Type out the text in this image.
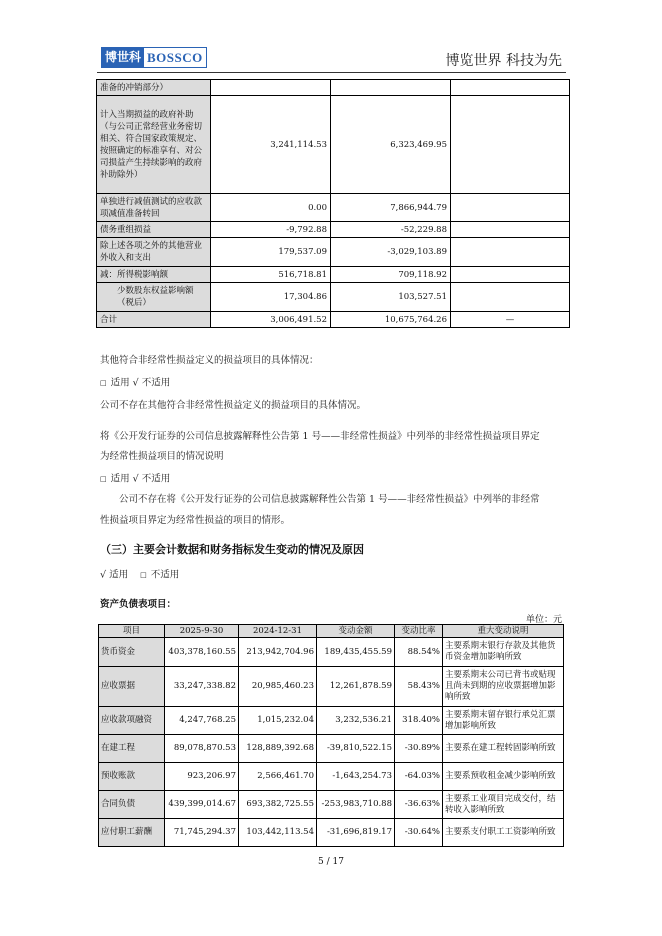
博世科 BOSSCO	博览世界 科技为先
准备的冲销部分）			
计入当期损益的政府补助（与公司正常经营业务密切相关、符合国家政策规定、按照确定的标准享有、对公司损益产生持续影响的政府补助除外）	3,241,114.53	6,323,469.95	
单独进行减值测试的应收款项减值准备转回	0.00	7,866,944.79	
债务重组损益	-9,792.88	-52,229.88	
除上述各项之外的其他营业外收入和支出	179,537.09	-3,029,103.89	
减：所得税影响额	516,718.81	709,118.92	
少数股东权益影响额（税后）	17,304.86	103,527.51	
合计	3,006,491.52	10,675,764.26	—
其他符合非经常性损益定义的损益项目的具体情况：
□ 适用 √ 不适用
公司不存在其他符合非经常性损益定义的损益项目的具体情况。
将《公开发行证券的公司信息披露解释性公告第 1 号——非经常性损益》中列举的非经常性损益项目界定
为经常性损益项目的情况说明
□ 适用 √ 不适用
公司不存在将《公开发行证券的公司信息披露解释性公告第 1 号——非经常性损益》中列举的非经常
性损益项目界定为经常性损益的项目的情形。
（三）主要会计数据和财务指标发生变动的情况及原因
√ 适用 □ 不适用
资产负债表项目：
单位：元
项目	2025-9-30	2024-12-31	变动金额	变动比率	重大变动说明
货币资金	403,378,160.55	213,942,704.96	189,435,455.59	88.54%	主要系期末银行存款及其他货币资金增加影响所致
应收票据	33,247,338.82	20,985,460.23	12,261,878.59	58.43%	主要系期末公司已背书或贴现且尚未到期的应收票据增加影响所致
应收款项融资	4,247,768.25	1,015,232.04	3,232,536.21	318.40%	主要系期末留存银行承兑汇票增加影响所致
在建工程	89,078,870.53	128,889,392.68	-39,810,522.15	-30.89%	主要系在建工程转固影响所致
预收账款	923,206.97	2,566,461.70	-1,643,254.73	-64.03%	主要系预收租金减少影响所致
合同负债	439,399,014.67	693,382,725.55	-253,983,710.88	-36.63%	主要系工业项目完成交付，结转收入影响所致
应付职工薪酬	71,745,294.37	103,442,113.54	-31,696,819.17	-30.64%	主要系支付职工工资影响所致
5 / 17
